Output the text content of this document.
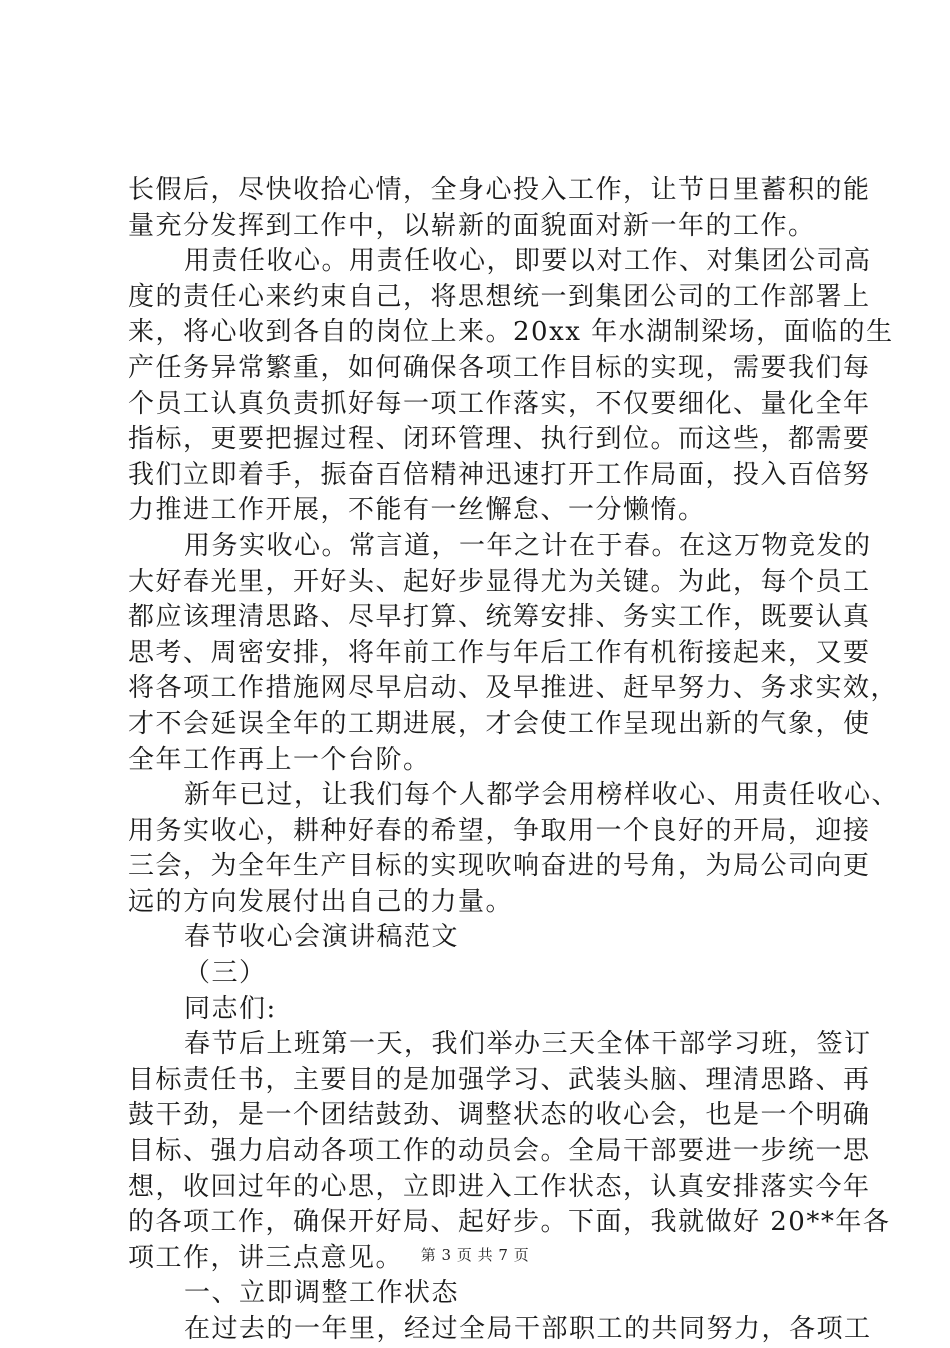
长假后，尽快收拾心情，全身心投入工作，让节日里蓄积的能
量充分发挥到工作中，以崭新的面貌面对新一年的工作。
用责任收心。用责任收心，即要以对工作、对集团公司高
度的责任心来约束自己，将思想统一到集团公司的工作部署上
来，将心收到各自的岗位上来。20xx 年水湖制梁场，面临的生
产任务异常繁重，如何确保各项工作目标的实现，需要我们每
个员工认真负责抓好每一项工作落实，不仅要细化、量化全年
指标，更要把握过程、闭环管理、执行到位。而这些，都需要
我们立即着手，振奋百倍精神迅速打开工作局面，投入百倍努
力推进工作开展，不能有一丝懈怠、一分懒惰。
用务实收心。常言道，一年之计在于春。在这万物竞发的
大好春光里，开好头、起好步显得尤为关键。为此，每个员工
都应该理清思路、尽早打算、统筹安排、务实工作，既要认真
思考、周密安排，将年前工作与年后工作有机衔接起来，又要
将各项工作措施网尽早启动、及早推进、赶早努力、务求实效，
才不会延误全年的工期进展，才会使工作呈现出新的气象，使
全年工作再上一个台阶。
新年已过，让我们每个人都学会用榜样收心、用责任收心、
用务实收心，耕种好春的希望，争取用一个良好的开局，迎接
三会，为全年生产目标的实现吹响奋进的号角，为局公司向更
远的方向发展付出自己的力量。
春节收心会演讲稿范文
（三）
同志们:
春节后上班第一天，我们举办三天全体干部学习班，签订
目标责任书，主要目的是加强学习、武装头脑、理清思路、再
鼓干劲，是一个团结鼓劲、调整状态的收心会，也是一个明确
目标、强力启动各项工作的动员会。全局干部要进一步统一思
想，收回过年的心思，立即进入工作状态，认真安排落实今年
的各项工作，确保开好局、起好步。下面，我就做好 20**年各
项工作，讲三点意见。
一、立即调整工作状态
在过去的一年里，经过全局干部职工的共同努力，各项工
第 3 页 共 7 页
